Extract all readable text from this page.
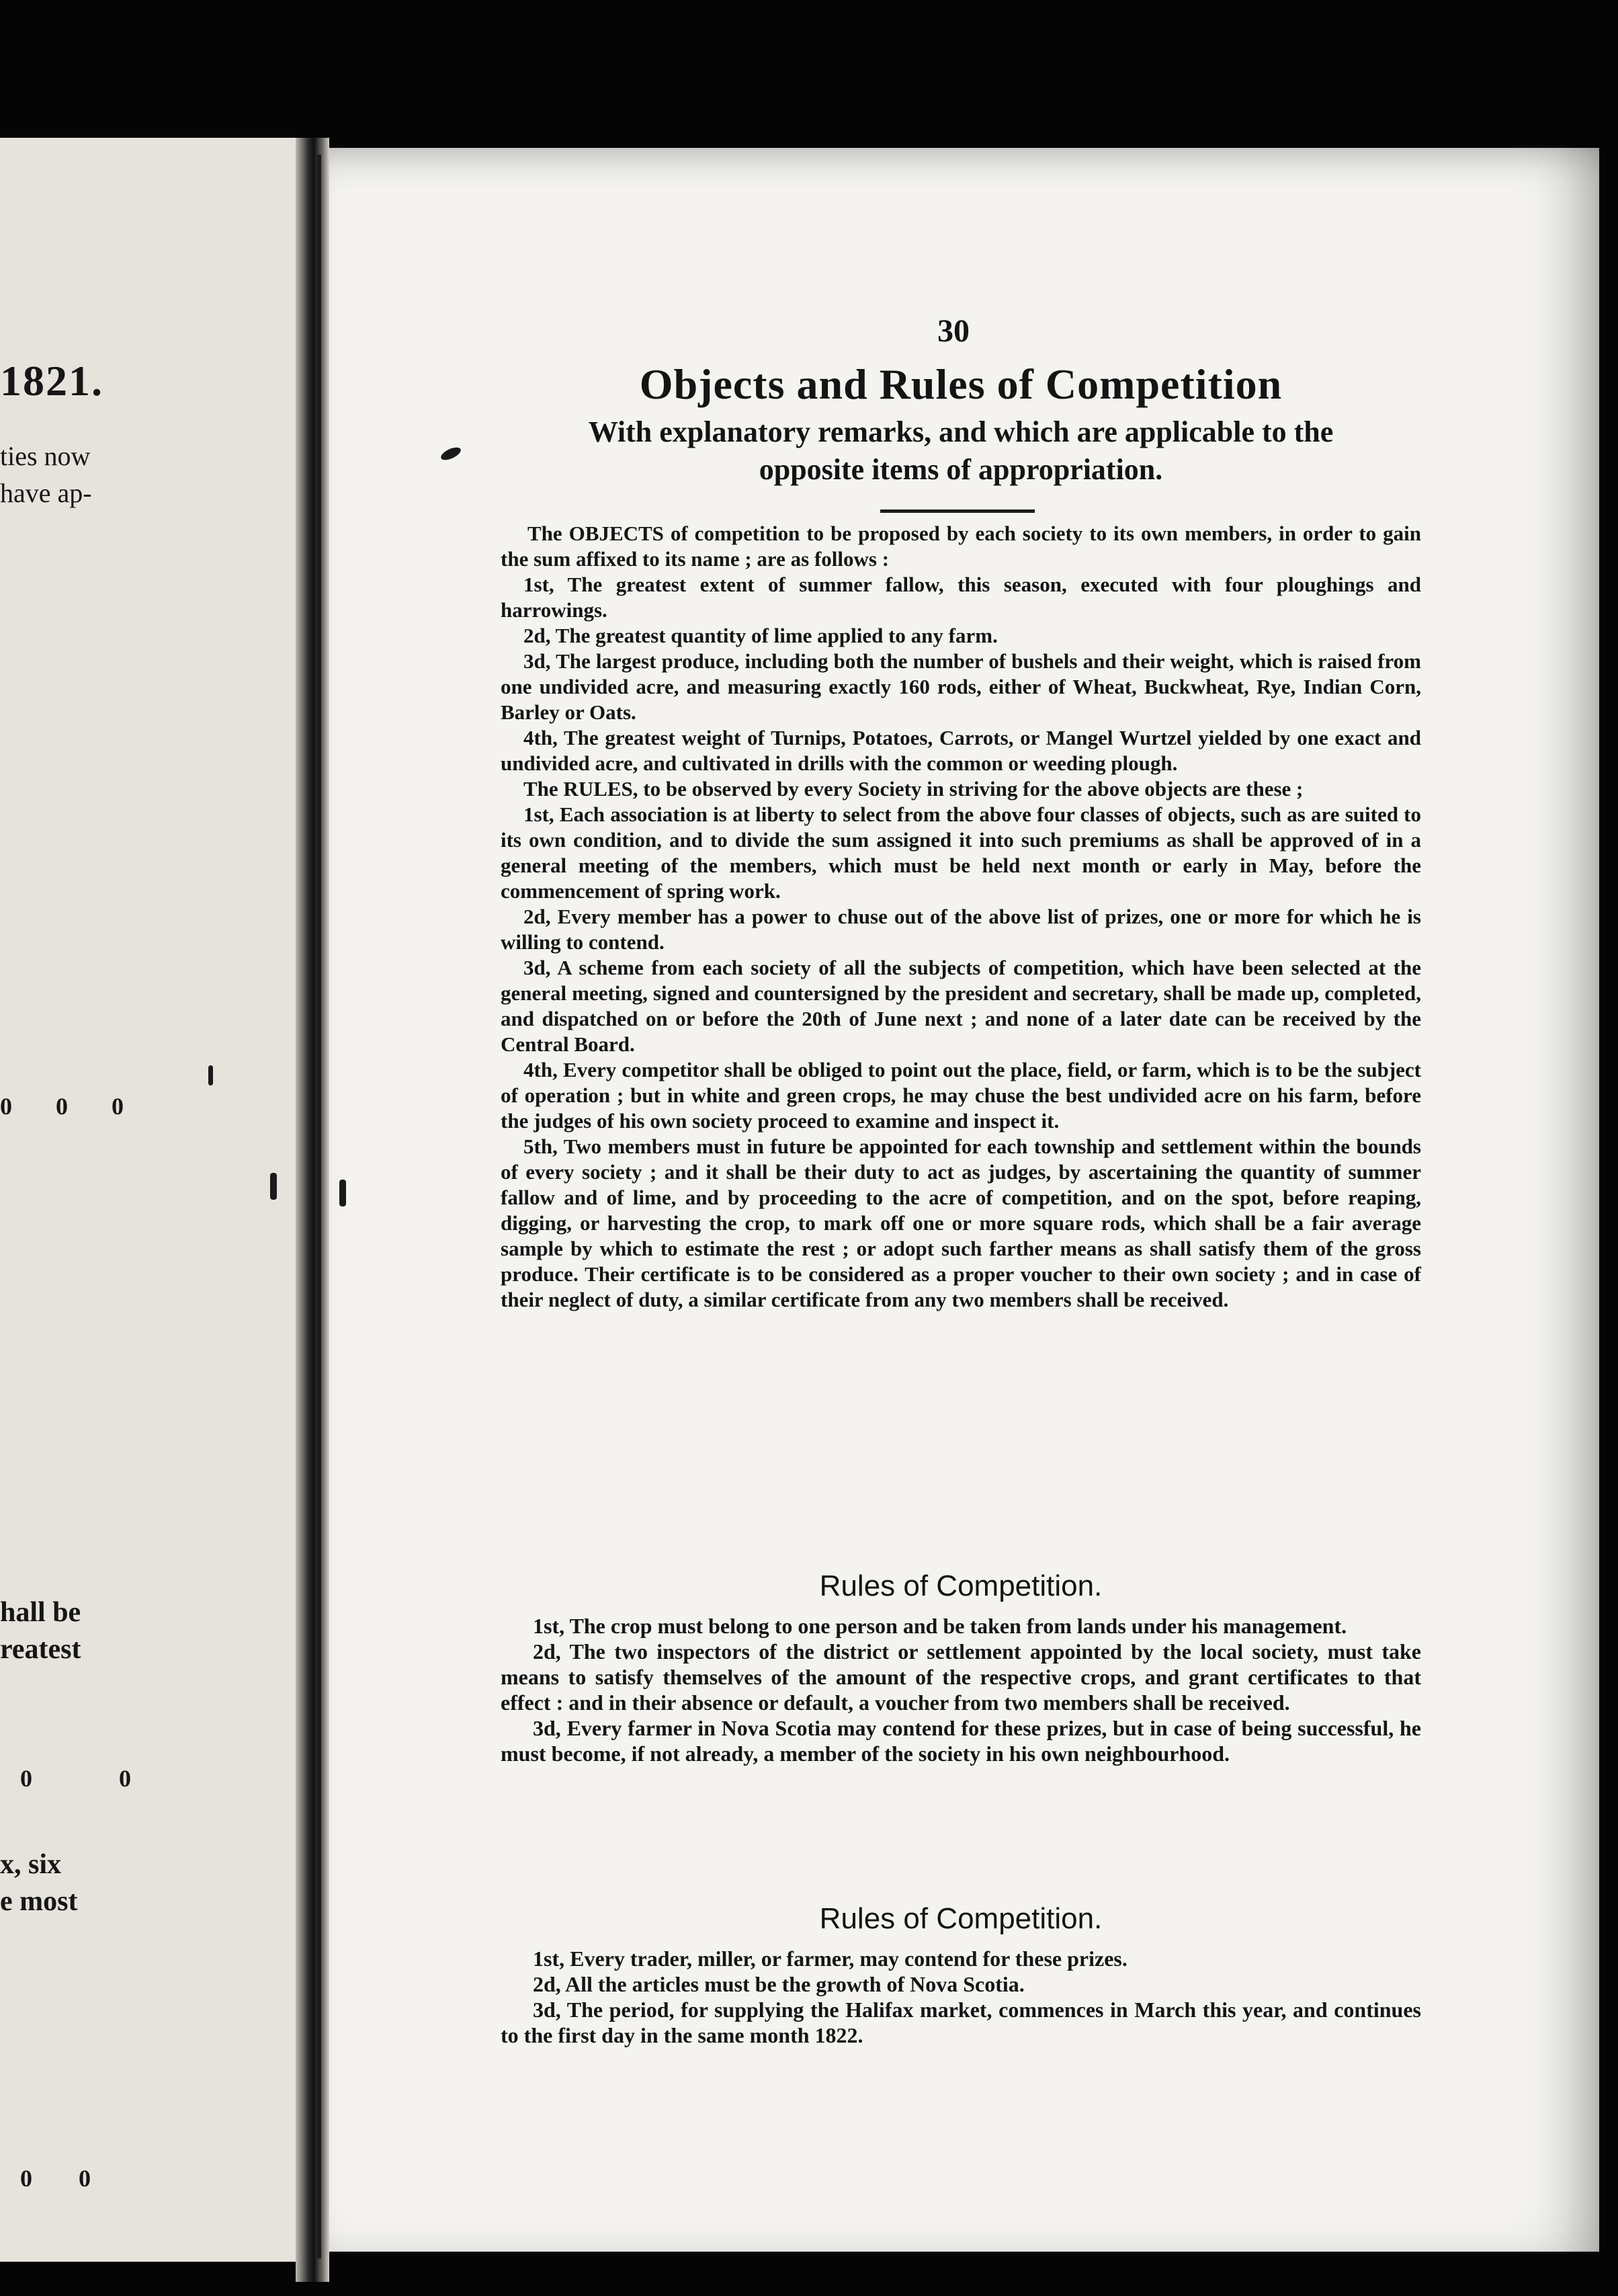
1821.
ties now
have ap-
0 0 0
hall be
reatest
0 0
x, six
e most
0 0
30
Objects and Rules of Competition
With explanatory remarks, and which are applicable to the
opposite items of appropriation.

The OBJECTS of competition to be proposed by each society to its own members, in order to gain the sum affixed to its name ; are as follows :

1st, The greatest extent of summer fallow, this season, executed with four ploughings and harrowings.

2d, The greatest quantity of lime applied to any farm.

3d, The largest produce, including both the number of bushels and their weight, which is raised from one undivided acre, and measuring exactly 160 rods, either of Wheat, Buckwheat, Rye, Indian Corn, Barley or Oats.

4th, The greatest weight of Turnips, Potatoes, Carrots, or Mangel Wurtzel yielded by one exact and undivided acre, and cultivated in drills with the common or weeding plough.

The RULES, to be observed by every Society in striving for the above objects are these ;

1st, Each association is at liberty to select from the above four classes of objects, such as are suited to its own condition, and to divide the sum assigned it into such premiums as shall be approved of in a general meeting of the members, which must be held next month or early in May, before the commencement of spring work.

2d, Every member has a power to chuse out of the above list of prizes, one or more for which he is willing to contend.

3d, A scheme from each society of all the subjects of competition, which have been selected at the general meeting, signed and countersigned by the president and secretary, shall be made up, completed, and dispatched on or before the 20th of June next ; and none of a later date can be received by the Central Board.

4th, Every competitor shall be obliged to point out the place, field, or farm, which is to be the subject of operation ; but in white and green crops, he may chuse the best undivided acre on his farm, before the judges of his own society proceed to examine and inspect it.

5th, Two members must in future be appointed for each township and settlement within the bounds of every society ; and it shall be their duty to act as judges, by ascertaining the quantity of summer fallow and of lime, and by proceeding to the acre of competition, and on the spot, before reaping, digging, or harvesting the crop, to mark off one or more square rods, which shall be a fair average sample by which to estimate the rest ; or adopt such farther means as shall satisfy them of the gross produce. Their certificate is to be considered as a proper voucher to their own society ; and in case of their neglect of duty, a similar certificate from any two members shall be received.

Rules of Competition.

1st, The crop must belong to one person and be taken from lands under his management.

2d, The two inspectors of the district or settlement appointed by the local society, must take means to satisfy themselves of the amount of the respective crops, and grant certificates to that effect : and in their absence or default, a voucher from two members shall be received.

3d, Every farmer in Nova Scotia may contend for these prizes, but in case of being successful, he must become, if not already, a member of the society in his own neighbourhood.

Rules of Competition.

1st, Every trader, miller, or farmer, may contend for these prizes.

2d, All the articles must be the growth of Nova Scotia.

3d, The period, for supplying the Halifax market, commences in March this year, and continues to the first day in the same month 1822.
